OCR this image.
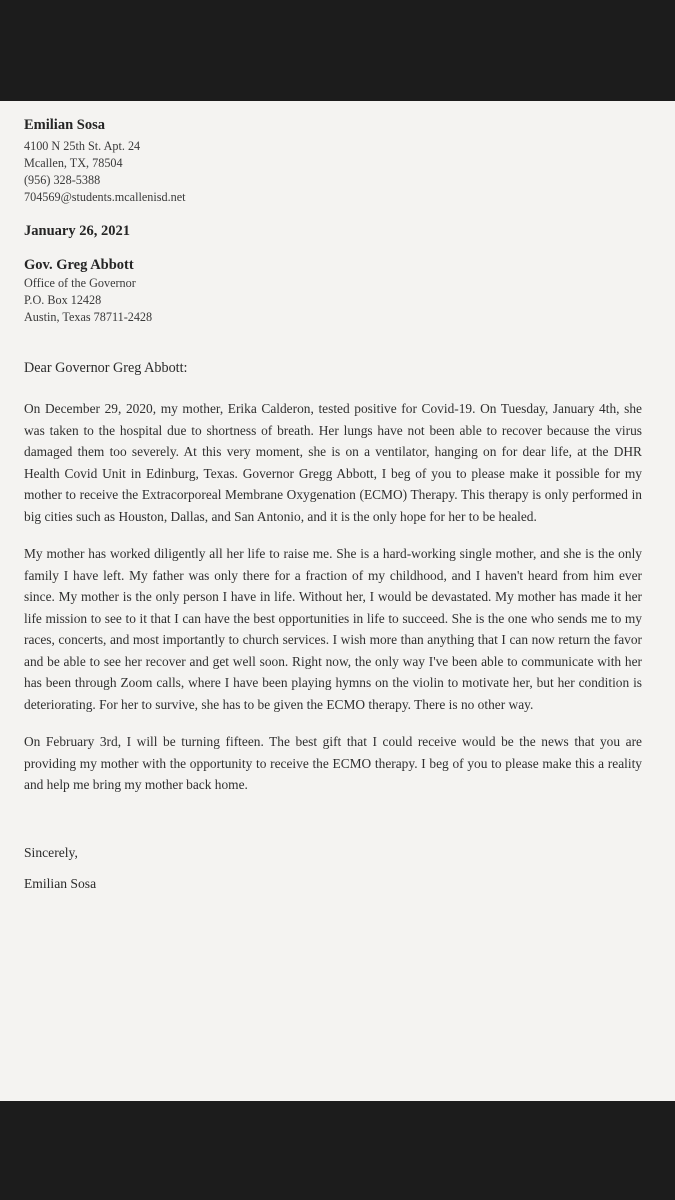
Emilian Sosa
4100 N 25th St. Apt. 24
Mcallen, TX, 78504
(956) 328-5388
704569@students.mcallenisd.net
January 26, 2021
Gov. Greg Abbott
Office of the Governor
P.O. Box 12428
Austin, Texas 78711-2428
Dear Governor Greg Abbott:

On December 29, 2020, my mother, Erika Calderon, tested positive for Covid-19. On Tuesday, January 4th, she was taken to the hospital due to shortness of breath. Her lungs have not been able to recover because the virus damaged them too severely. At this very moment, she is on a ventilator, hanging on for dear life, at the DHR Health Covid Unit in Edinburg, Texas. Governor Gregg Abbott, I beg of you to please make it possible for my mother to receive the Extracorporeal Membrane Oxygenation (ECMO) Therapy. This therapy is only performed in big cities such as Houston, Dallas, and San Antonio, and it is the only hope for her to be healed.

My mother has worked diligently all her life to raise me. She is a hard-working single mother, and she is the only family I have left. My father was only there for a fraction of my childhood, and I haven't heard from him ever since. My mother is the only person I have in life. Without her, I would be devastated. My mother has made it her life mission to see to it that I can have the best opportunities in life to succeed. She is the one who sends me to my races, concerts, and most importantly to church services. I wish more than anything that I can now return the favor and be able to see her recover and get well soon. Right now, the only way I've been able to communicate with her has been through Zoom calls, where I have been playing hymns on the violin to motivate her, but her condition is deteriorating. For her to survive, she has to be given the ECMO therapy. There is no other way.

On February 3rd, I will be turning fifteen. The best gift that I could receive would be the news that you are providing my mother with the opportunity to receive the ECMO therapy. I beg of you to please make this a reality and help me bring my mother back home.

Sincerely,
Emilian Sosa
